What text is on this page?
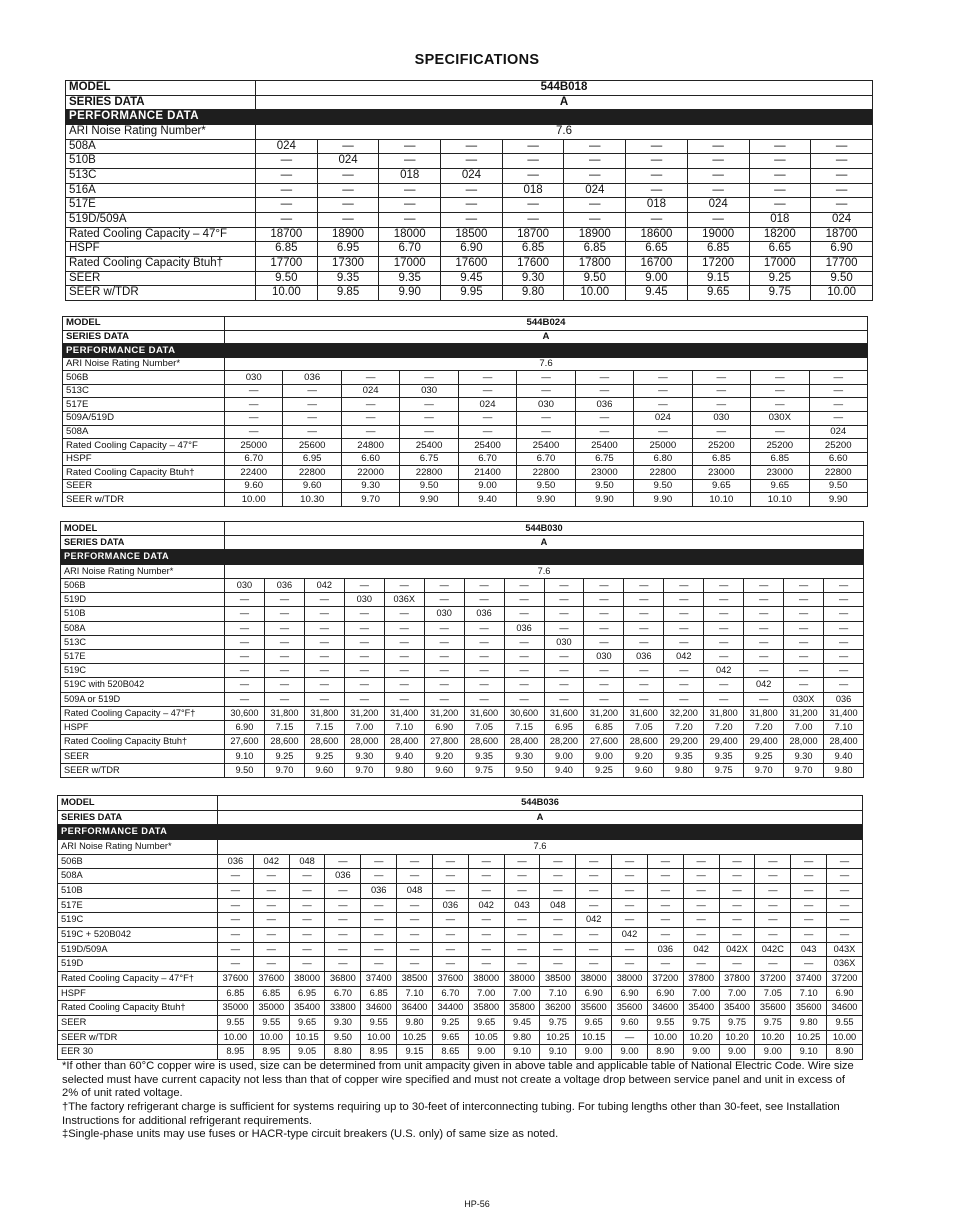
SPECIFICATIONS
MODEL	544B018									
SERIES DATA	A									
PERFORMANCE DATA										
ARI Noise Rating Number*	7.6									
508A	024	—	—	—	—	—	—	—	—	—
510B	—	024	—	—	—	—	—	—	—	—
513C	—	—	018	024	—	—	—	—	—	—
516A	—	—	—	—	018	024	—	—	—	—
517E	—	—	—	—	—	—	018	024	—	—
519D/509A	—	—	—	—	—	—	—	—	018	024
Rated Cooling Capacity – 47°F	18700	18900	18000	18500	18700	18900	18600	19000	18200	18700
HSPF	6.85	6.95	6.70	6.90	6.85	6.85	6.65	6.85	6.65	6.90
Rated Cooling Capacity Btuh†	17700	17300	17000	17600	17600	17800	16700	17200	17000	17700
SEER	9.50	9.35	9.35	9.45	9.30	9.50	9.00	9.15	9.25	9.50
SEER w/TDR	10.00	9.85	9.90	9.95	9.80	10.00	9.45	9.65	9.75	10.00
MODEL	544B024										
SERIES DATA	A										
PERFORMANCE DATA											
ARI Noise Rating Number*	7.6										
506B	030	036	—	—	—	—	—	—	—	—	—
513C	—	—	024	030	—	—	—	—	—	—	—
517E	—	—	—	—	024	030	036	—	—	—	—
509A/519D	—	—	—	—	—	—	—	024	030	030X	—
508A	—	—	—	—	—	—	—	—	—	—	024
Rated Cooling Capacity – 47°F	25000	25600	24800	25400	25400	25400	25400	25000	25200	25200	25200
HSPF	6.70	6.95	6.60	6.75	6.70	6.70	6.75	6.80	6.85	6.85	6.60
Rated Cooling Capacity Btuh†	22400	22800	22000	22800	21400	22800	23000	22800	23000	23000	22800
SEER	9.60	9.60	9.30	9.50	9.00	9.50	9.50	9.50	9.65	9.65	9.50
SEER w/TDR	10.00	10.30	9.70	9.90	9.40	9.90	9.90	9.90	10.10	10.10	9.90
MODEL	544B030															
SERIES DATA	A															
PERFORMANCE DATA																
ARI Noise Rating Number*	7.6															
506B	030	036	042	—	—	—	—	—	—	—	—	—	—	—	—	—
519D	—	—	—	030	036X	—	—	—	—	—	—	—	—	—	—	—
510B	—	—	—	—	—	030	036	—	—	—	—	—	—	—	—	—
508A	—	—	—	—	—	—	—	036	—	—	—	—	—	—	—	—
513C	—	—	—	—	—	—	—	—	030	—	—	—	—	—	—	—
517E	—	—	—	—	—	—	—	—	—	030	036	042	—	—	—	—
519C	—	—	—	—	—	—	—	—	—	—	—	—	042	—	—	—
519C with 520B042	—	—	—	—	—	—	—	—	—	—	—	—	—	042	—	—
509A or 519D	—	—	—	—	—	—	—	—	—	—	—	—	—	—	030X	036
Rated Cooling Capacity – 47°F†	30,600	31,800	31,800	31,200	31,400	31,200	31,600	30,600	31,600	31,200	31,600	32,200	31,800	31,800	31,200	31,400
HSPF	6.90	7.15	7.15	7.00	7.10	6.90	7.05	7.15	6.95	6.85	7.05	7.20	7.20	7.20	7.00	7.10
Rated Cooling Capacity Btuh†	27,600	28,600	28,600	28,000	28,400	27,800	28,600	28,400	28,200	27,600	28,600	29,200	29,400	29,400	28,000	28,400
SEER	9.10	9.25	9.25	9.30	9.40	9.20	9.35	9.30	9.00	9.00	9.20	9.35	9.35	9.25	9.30	9.40
SEER w/TDR	9.50	9.70	9.60	9.70	9.80	9.60	9.75	9.50	9.40	9.25	9.60	9.80	9.75	9.70	9.70	9.80
MODEL	544B036																	
SERIES DATA	A																	
PERFORMANCE DATA																		
ARI Noise Rating Number*	7.6																	
506B	036	042	048	—	—	—	—	—	—	—	—	—	—	—	—	—	—	—
508A	—	—	—	036	—	—	—	—	—	—	—	—	—	—	—	—	—	—
510B	—	—	—	—	036	048	—	—	—	—	—	—	—	—	—	—	—	—
517E	—	—	—	—	—	—	036	042	043	048	—	—	—	—	—	—	—	—
519C	—	—	—	—	—	—	—	—	—	—	042	—	—	—	—	—	—	—
519C + 520B042	—	—	—	—	—	—	—	—	—	—	—	042	—	—	—	—	—	—
519D/509A	—	—	—	—	—	—	—	—	—	—	—	—	036	042	042X	042C	043	043X
519D	—	—	—	—	—	—	—	—	—	—	—	—	—	—	—	—	—	036X
Rated Cooling Capacity – 47°F†	37600	37600	38000	36800	37400	38500	37600	38000	38000	38500	38000	38000	37200	37800	37800	37200	37400	37200
HSPF	6.85	6.85	6.95	6.70	6.85	7.10	6.70	7.00	7.00	7.10	6.90	6.90	6.90	7.00	7.00	7.05	7.10	6.90
Rated Cooling Capacity Btuh†	35000	35000	35400	33800	34600	36400	34400	35800	35800	36200	35600	35600	34600	35400	35400	35600	35600	34600
SEER	9.55	9.55	9.65	9.30	9.55	9.80	9.25	9.65	9.45	9.75	9.65	9.60	9.55	9.75	9.75	9.75	9.80	9.55
SEER w/TDR	10.00	10.00	10.15	9.50	10.00	10.25	9.65	10.05	9.80	10.25	10.15	—	10.00	10.20	10.20	10.20	10.25	10.00
EER 30	8.95	8.95	9.05	8.80	8.95	9.15	8.65	9.00	9.10	9.10	9.00	9.00	8.90	9.00	9.00	9.00	9.10	8.90

*If other than 60°C copper wire is used, size can be determined from unit ampacity given in above table and applicable table of National Electric Code. Wire size selected must have current capacity not less than that of copper wire specified and must not create a voltage drop between service panel and unit in excess of 2% of unit rated voltage.

†The factory refrigerant charge is sufficient for systems requiring up to 30-feet of interconnecting tubing. For tubing lengths other than 30-feet, see Installation Instructions for additional refrigerant requirements.

‡Single-phase units may use fuses or HACR-type circuit breakers (U.S. only) of same size as noted.

HP-56
